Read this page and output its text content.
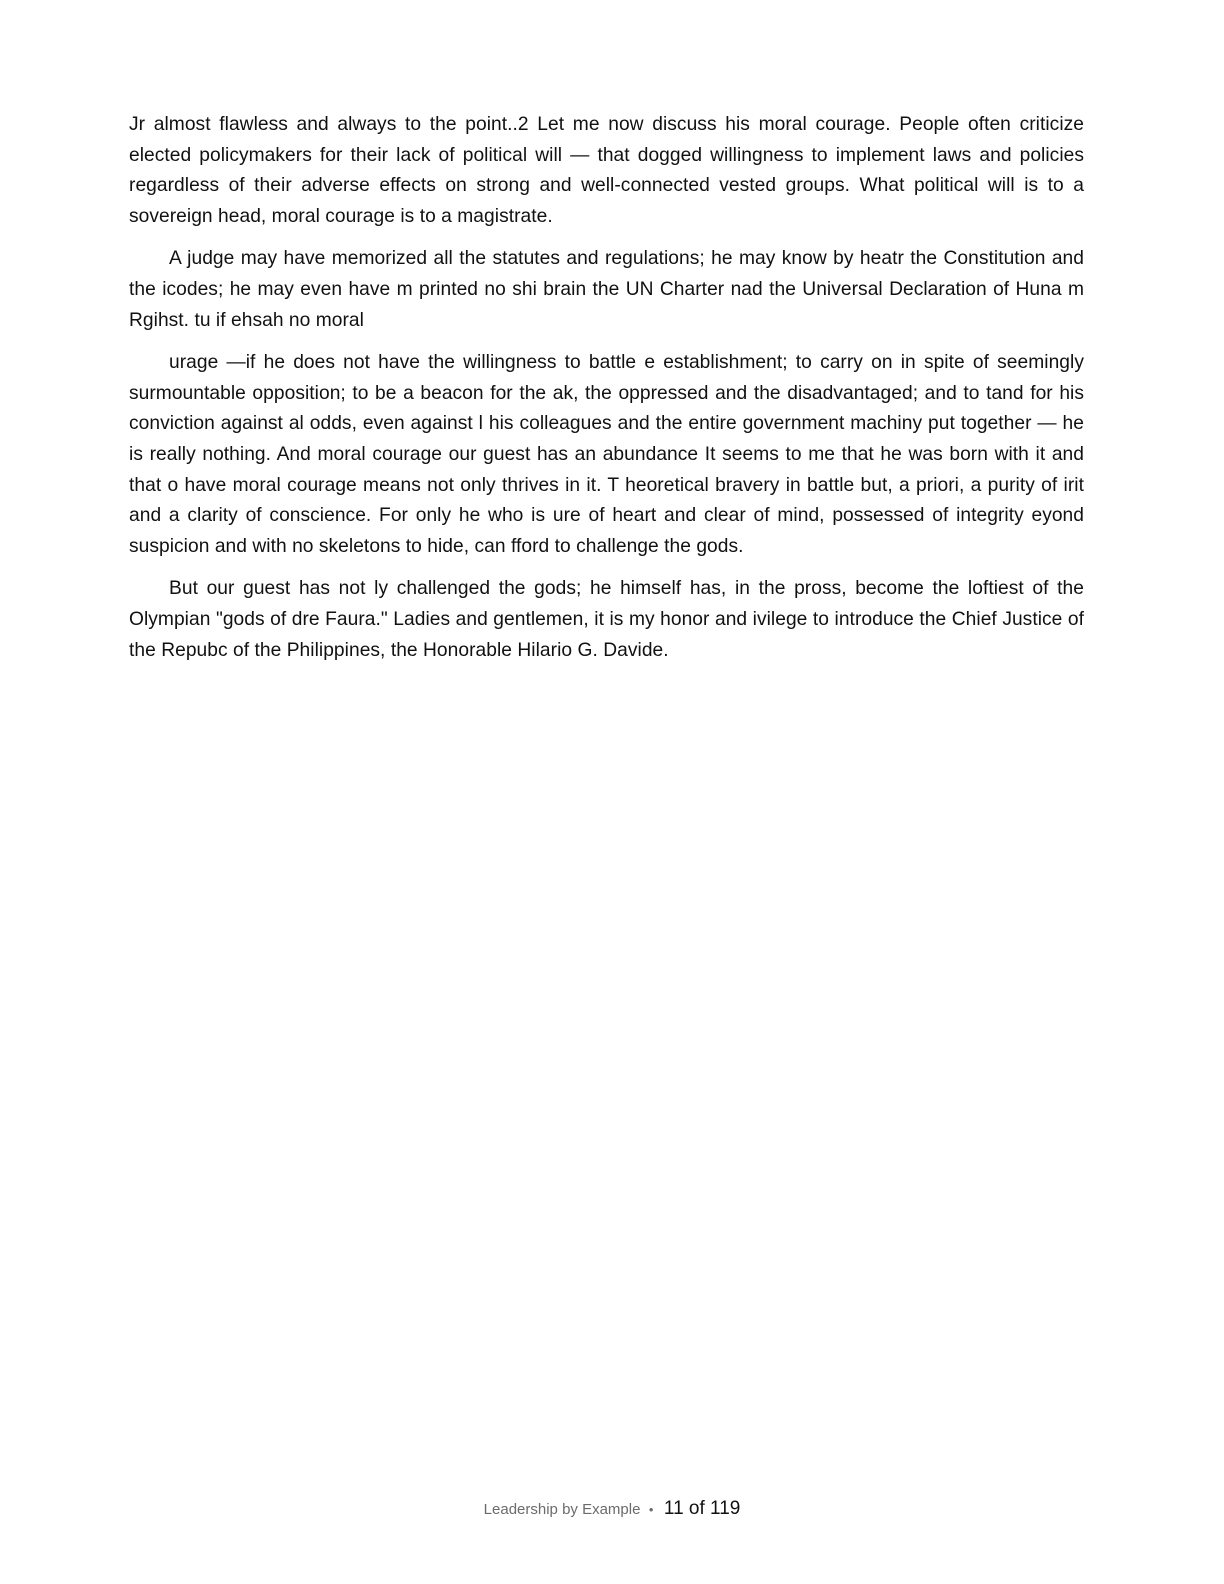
Jr almost flawless and always to the point..2 Let me now discuss his moral courage. People often criticize elected policymakers for their lack of political will — that dogged willingness to implement laws and policies regardless of their adverse effects on strong and well-connected vested groups. What political will is to a sovereign head, moral courage is to a magistrate.

A judge may have memorized all the statutes and regulations; he may know by heatr the Constitution and the icodes; he may even have m printed no shi brain the UN Charter nad the Universal Declaration of Huna m Rgihst. tu if ehsah no moral

urage —if he does not have the willingness to battle e establishment; to carry on in spite of seemingly surmountable opposition; to be a beacon for the ak, the oppressed and the disadvantaged; and to tand for his conviction against al odds, even against l his colleagues and the entire government machiny put together — he is really nothing. And moral courage our guest has an abundance It seems to me that he was born with it and that o have moral courage means not only thrives in it. T heoretical bravery in battle but, a priori, a purity of irit and a clarity of conscience. For only he who is ure of heart and clear of mind, possessed of integrity eyond suspicion and with no skeletons to hide, can fford to challenge the gods.

But our guest has not ly challenged the gods; he himself has, in the pross, become the loftiest of the Olympian "gods of dre Faura." Ladies and gentlemen, it is my honor and ivilege to introduce the Chief Justice of the Repubc of the Philippines, the Honorable Hilario G. Davide.

Leadership by Example • 11 of 119
